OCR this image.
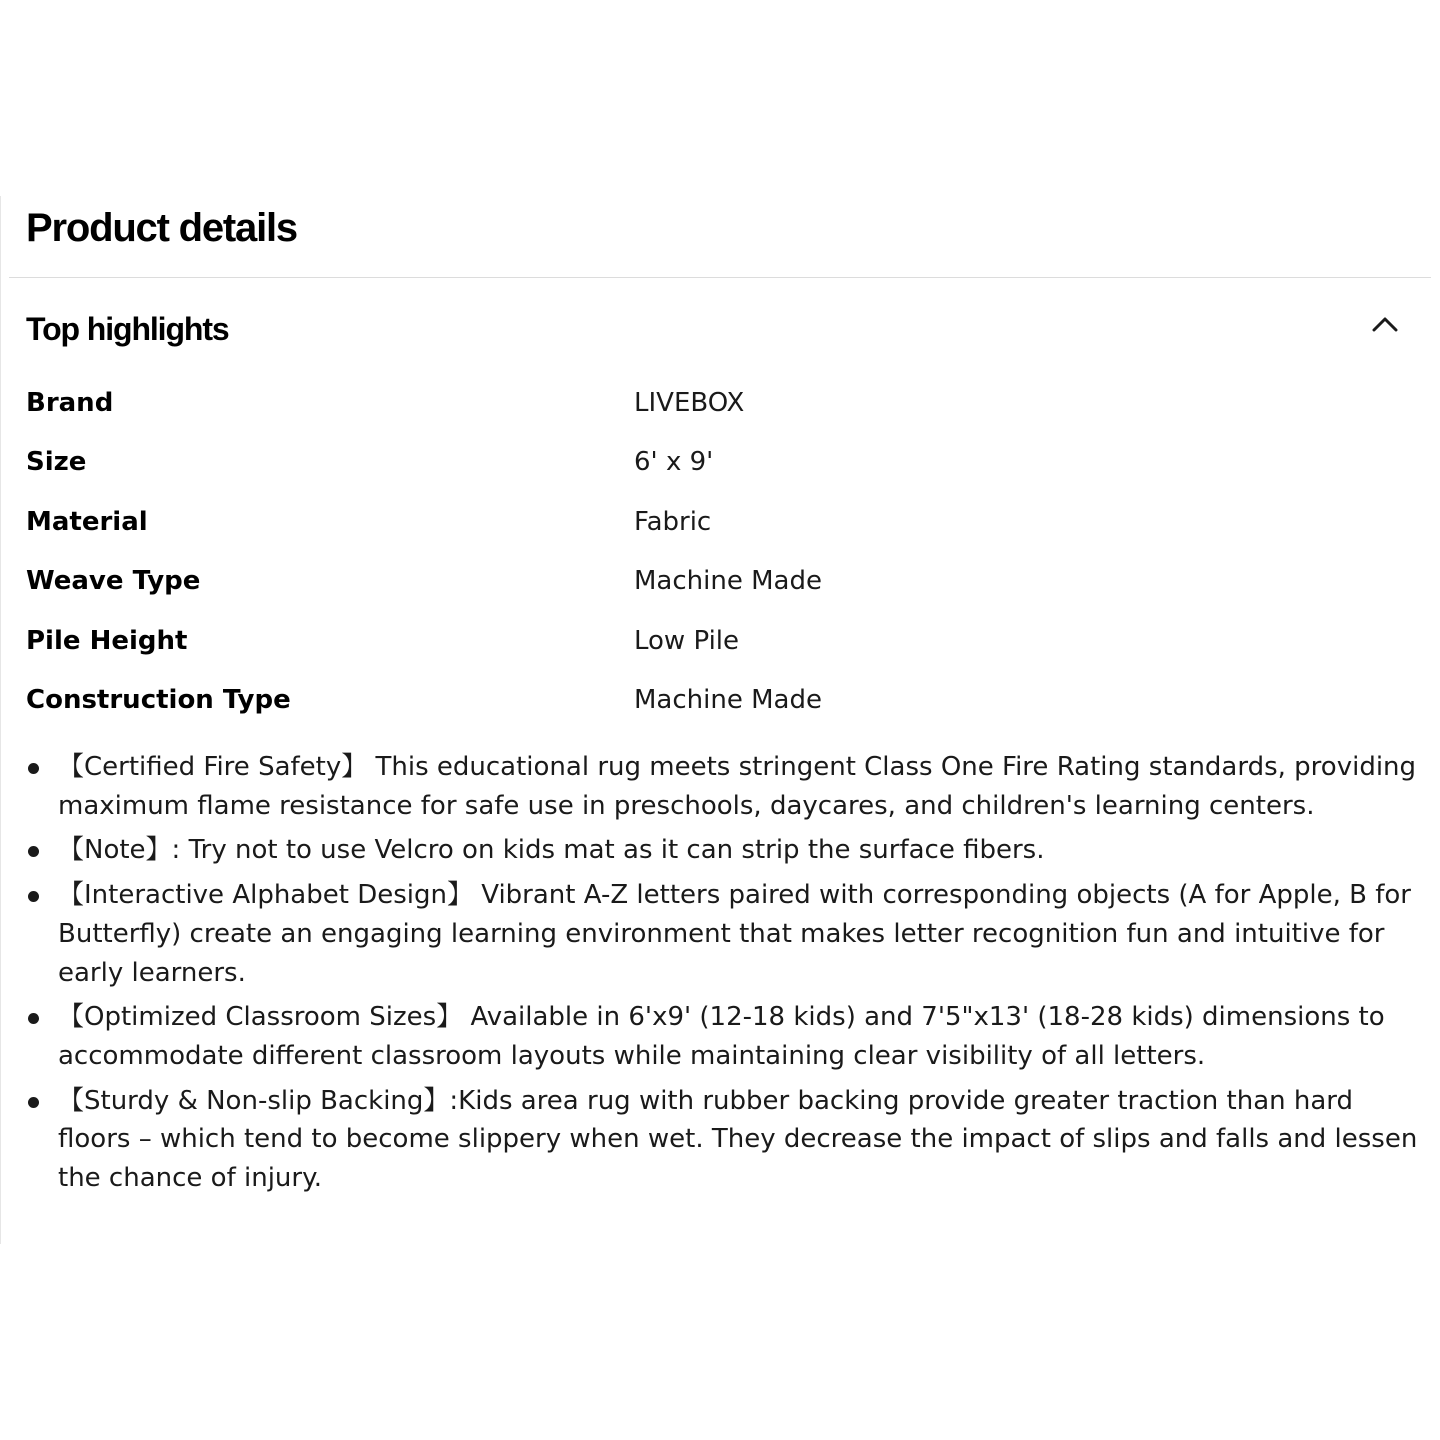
Product details
Top highlights
Brand	LIVEBOX
Size	6' x 9'
Material	Fabric
Weave Type	Machine Made
Pile Height	Low Pile
Construction Type	Machine Made
【Certified Fire Safety】 This educational rug meets stringent Class One Fire Rating standards, providing maximum flame resistance for safe use in preschools, daycares, and children's learning centers.
【Note】: Try not to use Velcro on kids mat as it can strip the surface fibers.
【Interactive Alphabet Design】 Vibrant A-Z letters paired with corresponding objects (A for Apple, B for Butterfly) create an engaging learning environment that makes letter recognition fun and intuitive for early learners.
【Optimized Classroom Sizes】 Available in 6'x9' (12-18 kids) and 7'5"x13' (18-28 kids) dimensions to accommodate different classroom layouts while maintaining clear visibility of all letters.
【Sturdy & Non-slip Backing】:Kids area rug with rubber backing provide greater traction than hard floors – which tend to become slippery when wet. They decrease the impact of slips and falls and lessen the chance of injury.
